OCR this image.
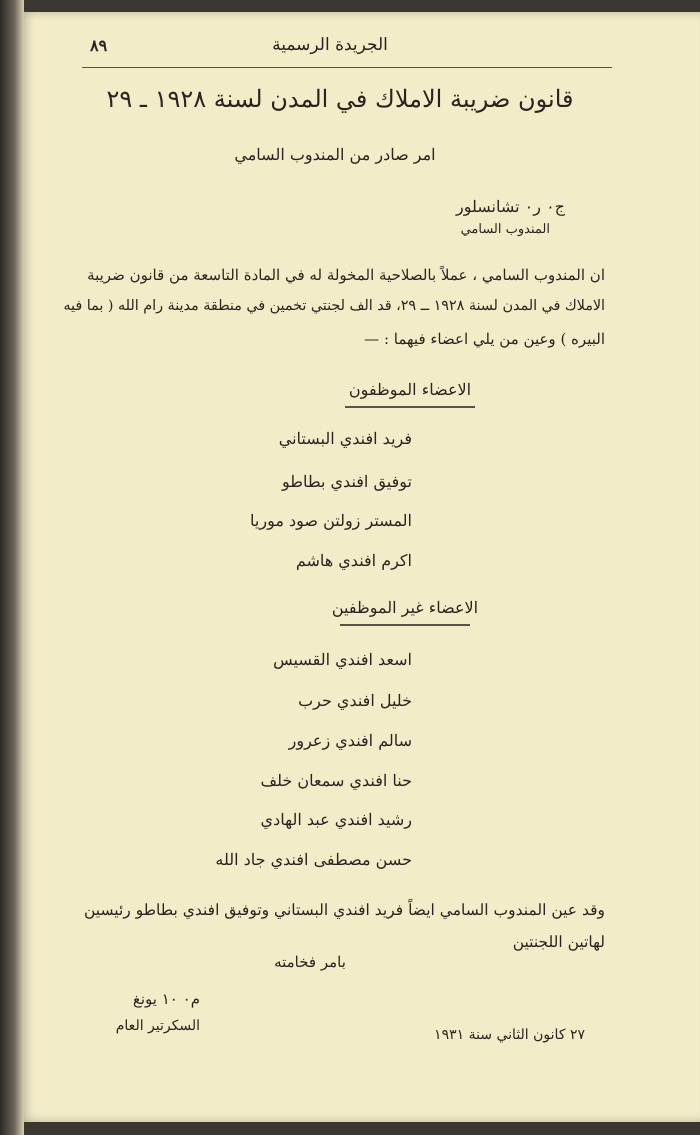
٨٩	الجريدة الرسمية
قانون ضريبة الاملاك في المدن لسنة ١٩٢٨ ـ ٢٩
امر صادر من المندوب السامي
ج٠ ر٠ تشانسلور
المندوب السامي
ان المندوب السامي ، عملاً بالصلاحية المخولة له في المادة التاسعة من قانون ضريبة
الاملاك في المدن لسنة ١٩٢٨ ــ ٢٩، قد الف لجنتي تخمين في منطقة مدينة رام الله ( بما فيه
البيره ) وعين من يلي اعضاء فيهما : —
الاعضاء الموظفون
فريد افندي البستاني
توفيق افندي بطاطو
المستر زولتن صود موريا
اكرم افندي هاشم
الاعضاء غير الموظفين
اسعد افندي القسيس
خليل افندي حرب
سالم افندي زعرور
حنا افندي سمعان خلف
رشيد افندي عبد الهادي
حسن مصطفى افندي جاد الله
وقد عين المندوب السامي ايضاً فريد افندي البستاني وتوفيق افندي بطاطو رئيسين
لهاتين اللجنتين
بامر فخامته
م٠ ١٠ يونغ
السكرتير العام
٢٧ كانون الثاني سنة ١٩٣١
